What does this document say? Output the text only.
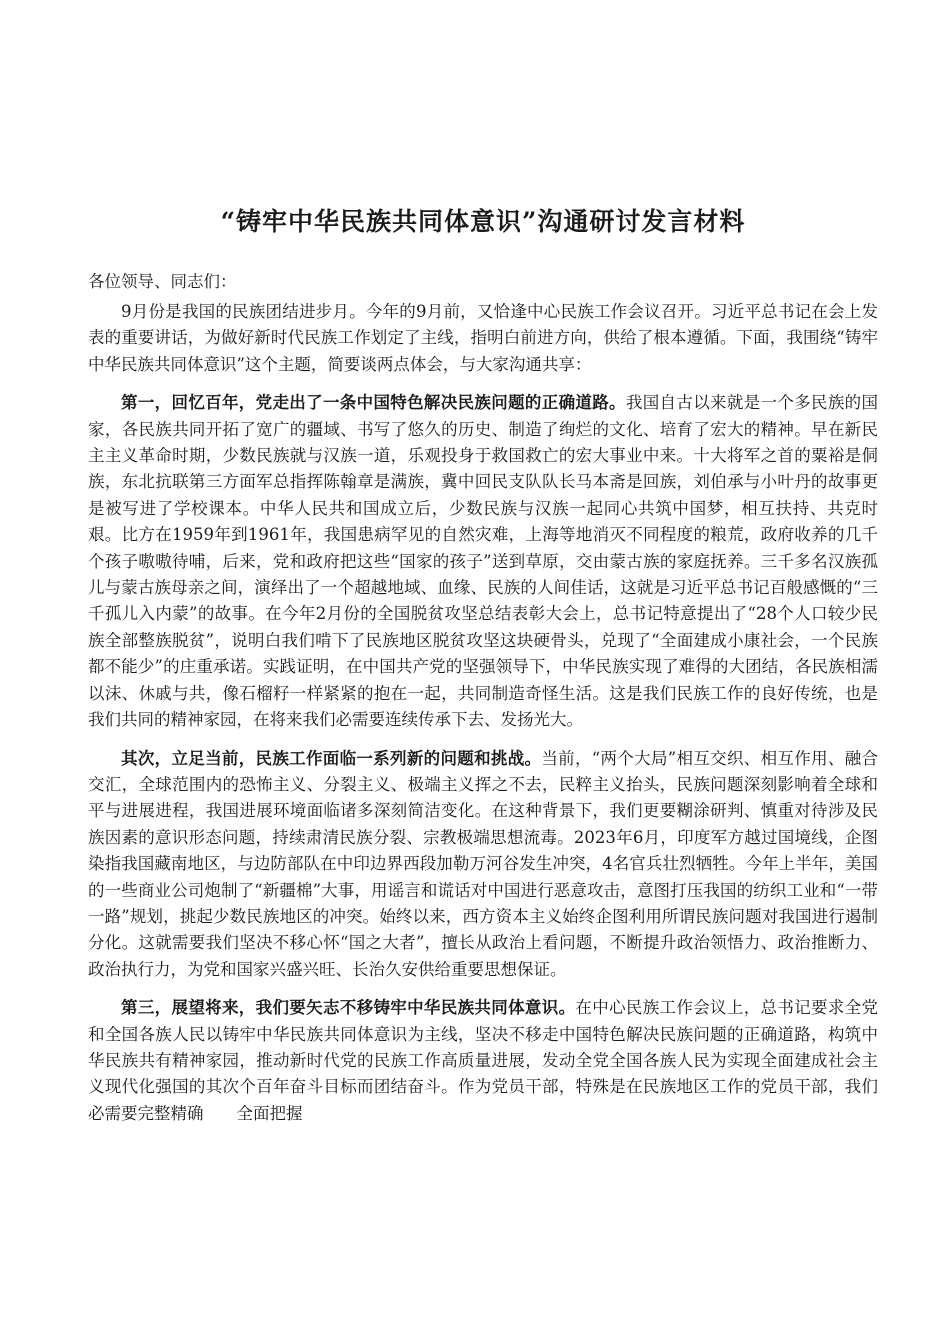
“铸牢中华民族共同体意识”沟通研讨发言材料

各位领导、同志们：

9月份是我国的民族团结进步月。今年的9月前，又恰逢中心民族工作会议召开。习近平总书记在会上发表的重要讲话，为做好新时代民族工作划定了主线，指明白前进方向，供给了根本遵循。下面，我围绕“铸牢中华民族共同体意识”这个主题，简要谈两点体会，与大家沟通共享：

第一，回忆百年，党走出了一条中国特色解决民族问题的正确道路。我国自古以来就是一个多民族的国家，各民族共同开拓了宽广的疆域、书写了悠久的历史、制造了绚烂的文化、培育了宏大的精神。早在新民主主义革命时期，少数民族就与汉族一道，乐观投身于救国救亡的宏大事业中来。十大将军之首的粟裕是侗族，东北抗联第三方面军总指挥陈翰章是满族，冀中回民支队队长马本斋是回族，刘伯承与小叶丹的故事更是被写进了学校课本。中华人民共和国成立后，少数民族与汉族一起同心共筑中国梦，相互扶持、共克时艰。比方在1959年到1961年，我国患病罕见的自然灾难，上海等地消灭不同程度的粮荒，政府收养的几千个孩子嗷嗷待哺，后来，党和政府把这些“国家的孩子”送到草原，交由蒙古族的家庭抚养。三千多名汉族孤儿与蒙古族母亲之间，演绎出了一个超越地域、血缘、民族的人间佳话，这就是习近平总书记百般感慨的“三千孤儿入内蒙”的故事。在今年2月份的全国脱贫攻坚总结表彰大会上，总书记特意提出了“28个人口较少民族全部整族脱贫”，说明白我们啃下了民族地区脱贫攻坚这块硬骨头，兑现了“全面建成小康社会，一个民族都不能少”的庄重承诺。实践证明，在中国共产党的坚强领导下，中华民族实现了难得的大团结，各民族相濡以沫、休戚与共，像石榴籽一样紧紧的抱在一起，共同制造奇怪生活。这是我们民族工作的良好传统，也是我们共同的精神家园，在将来我们必需要连续传承下去、发扬光大。

其次，立足当前，民族工作面临一系列新的问题和挑战。当前，“两个大局”相互交织、相互作用、融合交汇，全球范围内的恐怖主义、分裂主义、极端主义挥之不去，民粹主义抬头，民族问题深刻影响着全球和平与进展进程，我国进展环境面临诸多深刻简洁变化。在这种背景下，我们更要糊涂研判、慎重对待涉及民族因素的意识形态问题，持续肃清民族分裂、宗教极端思想流毒。2023年6月，印度军方越过国境线，企图染指我国藏南地区，与边防部队在中印边界西段加勒万河谷发生冲突，4名官兵壮烈牺牲。今年上半年，美国的一些商业公司炮制了“新疆棉”大事，用谣言和谎话对中国进行恶意攻击，意图打压我国的纺织工业和“一带一路”规划，挑起少数民族地区的冲突。始终以来，西方资本主义始终企图利用所谓民族问题对我国进行遏制分化。这就需要我们坚决不移心怀“国之大者”，擅长从政治上看问题，不断提升政治领悟力、政治推断力、政治执行力，为党和国家兴盛兴旺、长治久安供给重要思想保证。

第三，展望将来，我们要矢志不移铸牢中华民族共同体意识。在中心民族工作会议上，总书记要求全党和全国各族人民以铸牢中华民族共同体意识为主线，坚决不移走中国特色解决民族问题的正确道路，构筑中华民族共有精神家园，推动新时代党的民族工作高质量进展，发动全党全国各族人民为实现全面建成社会主义现代化强国的其次个百年奋斗目标而团结奋斗。作为党员干部，特殊是在民族地区工作的党员干部，我们必需要完整精确　　全面把握
